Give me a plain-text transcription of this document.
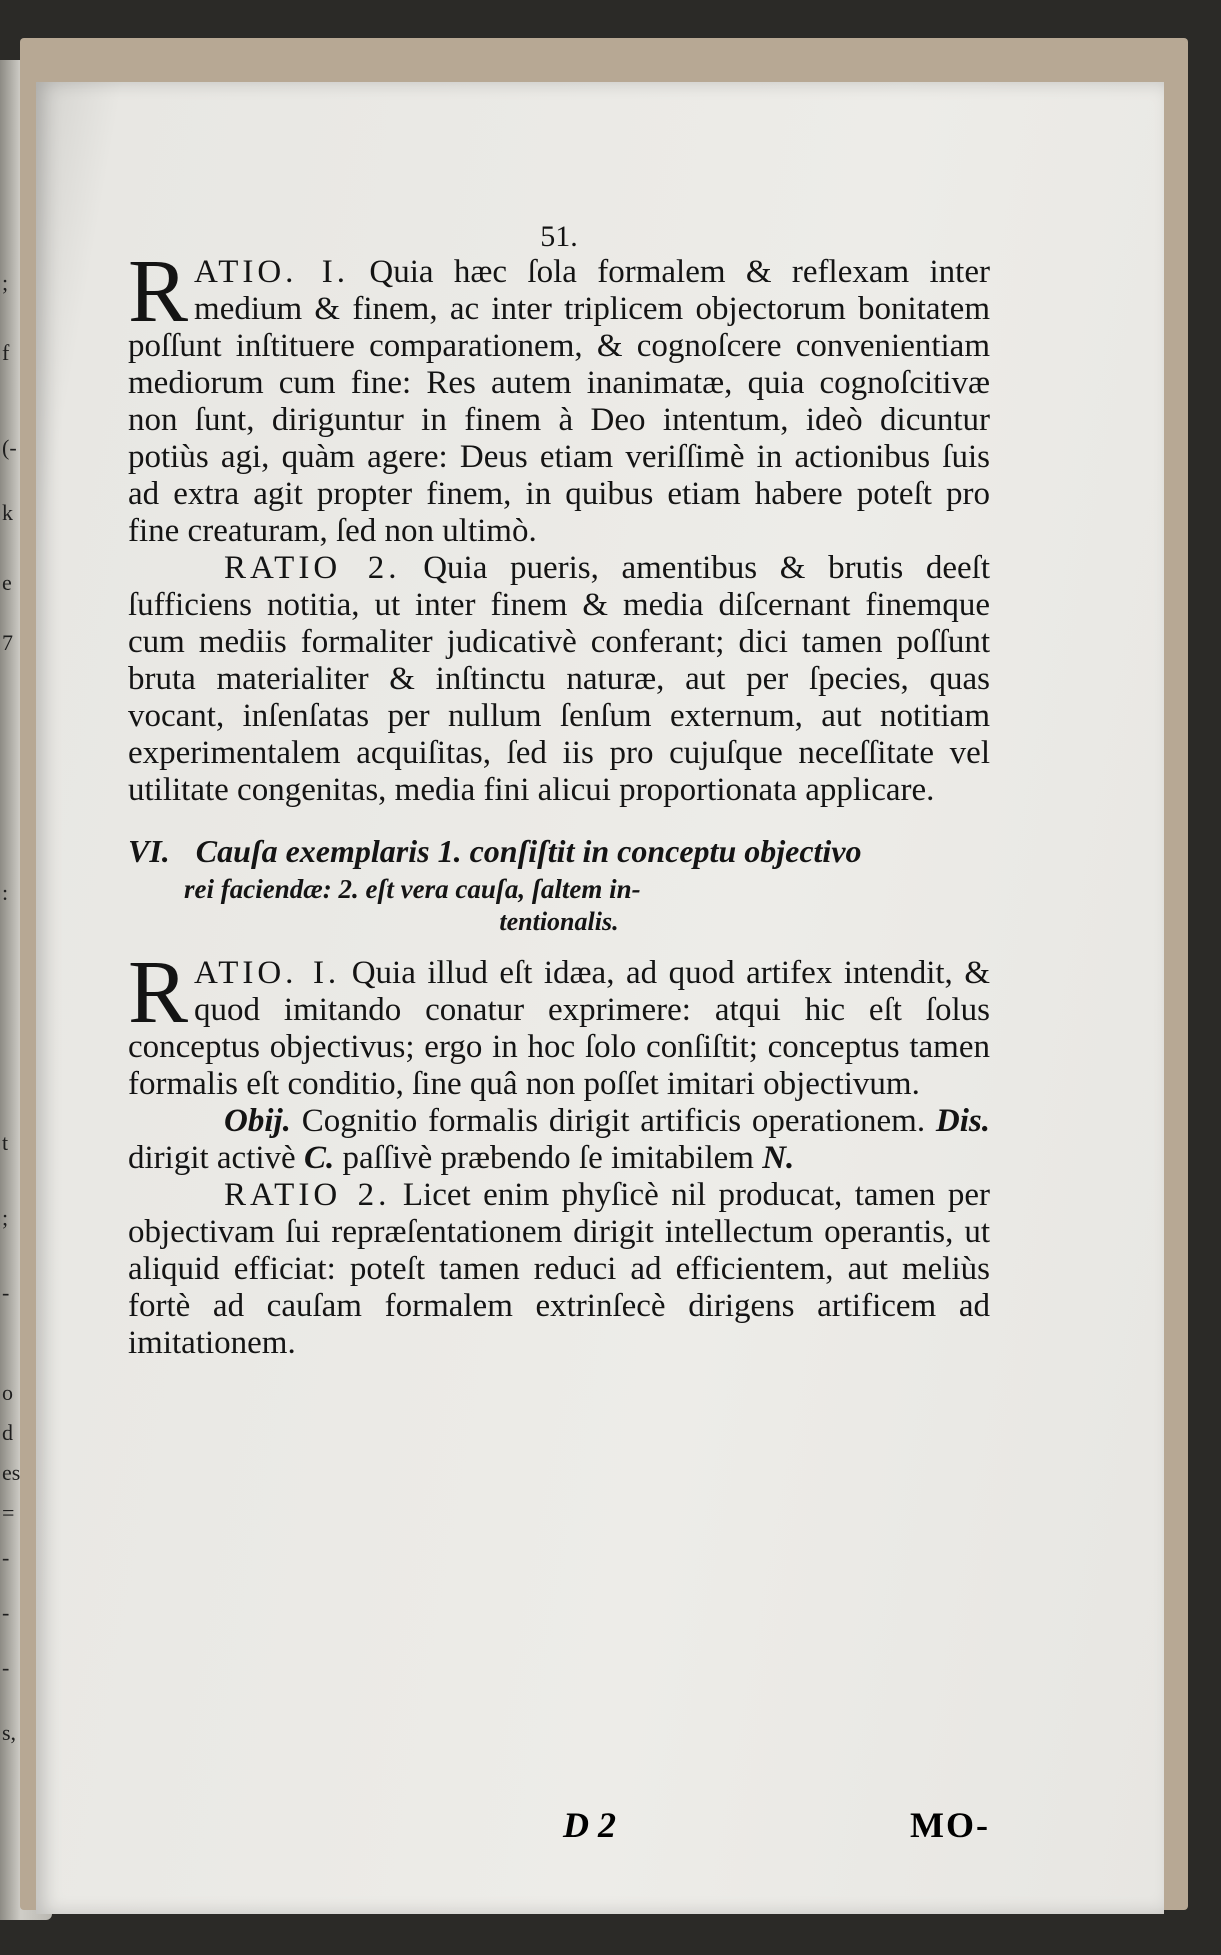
;
f
(-
k
e
7
:
t
;
-
o
d
es
=
-
-
-
s,
51.

RATIO. I. Quia hæc ſola formalem & reflexam inter medium & finem, ac inter triplicem objectorum bonitatem poſſunt inſtituere comparationem, & cognoſcere convenientiam mediorum cum fine: Res autem inanimatæ, quia cognoſcitivæ non ſunt, diriguntur in finem à Deo intentum, ideò dicuntur potiùs agi, quàm agere: Deus etiam veriſſimè in actionibus ſuis ad extra agit propter finem, in quibus etiam habere poteſt pro fine creaturam, ſed non ultimò.

RATIO 2. Quia pueris, amentibus & brutis deeſt ſufficiens notitia, ut inter finem & media diſcernant finemque cum mediis formaliter judicativè conferant; dici tamen poſſunt bruta materialiter & inſtinctu naturæ, aut per ſpecies, quas vocant, inſenſatas per nullum ſenſum externum, aut notitiam experimentalem acquiſitas, ſed iis pro cujuſque neceſſitate vel utilitate congenitas, media fini alicui proportionata applicare.

VI. Cauſa exemplaris 1. conſiſtit in conceptu objectivo
rei faciendæ: 2. eſt vera cauſa, ſaltem in-
tentionalis.

RATIO. I. Quia illud eſt idæa, ad quod artifex intendit, & quod imitando conatur exprimere: atqui hic eſt ſolus conceptus objectivus; ergo in hoc ſolo conſiſtit; conceptus tamen formalis eſt conditio, ſine quâ non poſſet imitari objectivum.

Obij. Cognitio formalis dirigit artificis operationem. Dis. dirigit activè C. paſſivè præbendo ſe imitabilem N.

RATIO 2. Licet enim phyſicè nil producat, tamen per objectivam ſui repræſentationem dirigit intellectum operantis, ut aliquid efficiat: poteſt tamen reduci ad efficientem, aut meliùs fortè ad cauſam formalem extrinſecè dirigens artificem ad imitationem.

D 2	MO-
